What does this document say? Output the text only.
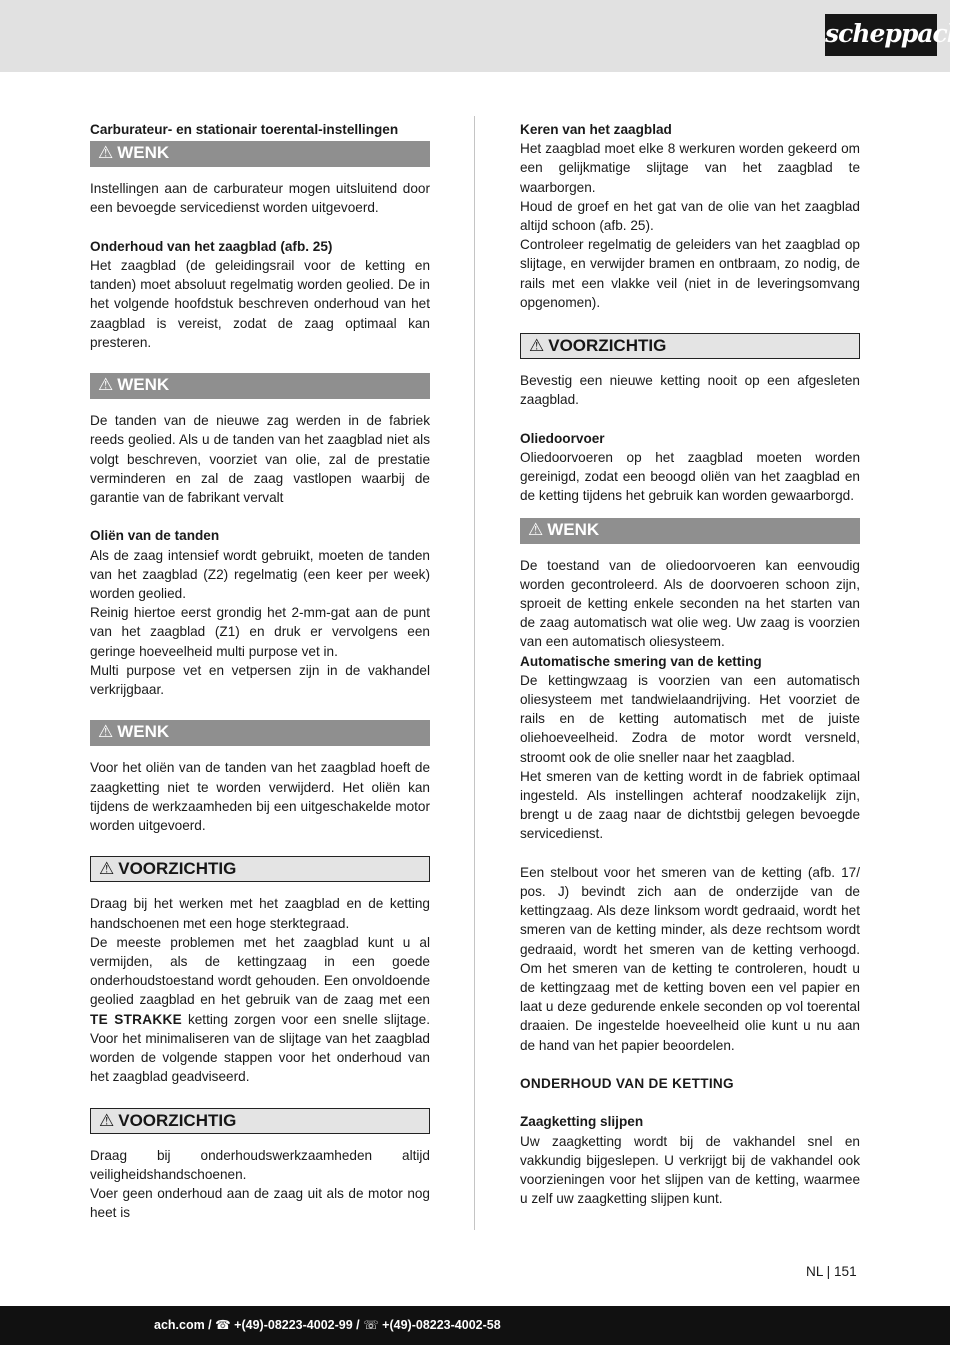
scheppach

Carburateur- en stationair toerental-instellingen

⚠ WENK

Instellingen aan de carburateur mogen uitsluitend door een bevoegde servicedienst worden uitgevoerd.

Onderhoud van het zaagblad (afb. 25)

Het zaagblad (de geleidingsrail voor de ketting en tanden) moet absoluut regelmatig worden geolied. De in het volgende hoofdstuk beschreven onderhoud van het zaagblad is vereist, zodat de zaag optimaal kan presteren.

⚠ WENK

De tanden van de nieuwe zag werden in de fabriek reeds geolied. Als u de tanden van het zaagblad niet als volgt beschreven, voorziet van olie, zal de prestatie verminderen en zal de zaag vastlopen waarbij de garantie van de fabrikant vervalt

Oliën van de tanden

Als de zaag intensief wordt gebruikt, moeten de tanden van het zaagblad (Z2) regelmatig (een keer per week) worden geolied.

Reinig hiertoe eerst grondig het 2-mm-gat aan de punt van het zaagblad (Z1) en druk er vervolgens een geringe hoeveelheid multi purpose vet in.

Multi purpose vet en vetpersen zijn in de vakhandel verkrijgbaar.

⚠ WENK

Voor het oliën van de tanden van het zaagblad hoeft de zaagketting niet te worden verwijderd. Het oliën kan tijdens de werkzaamheden bij een uitgeschakelde motor worden uitgevoerd.

⚠ VOORZICHTIG

Draag bij het werken met het zaagblad en de ketting handschoenen met een hoge sterktegraad.

De meeste problemen met het zaagblad kunt u al vermijden, als de kettingzaag in een goede onderhoudstoestand wordt gehouden. Een onvoldoende geolied zaagblad en het gebruik van de zaag met een TE STRAKKE ketting zorgen voor een snelle slijtage. Voor het minimaliseren van de slijtage van het zaagblad worden de volgende stappen voor het onderhoud van het zaagblad geadviseerd.

⚠ VOORZICHTIG

Draag bij onderhoudswerkzaamheden altijd veiligheidshandschoenen.

Voer geen onderhoud aan de zaag uit als de motor nog heet is

Keren van het zaagblad

Het zaagblad moet elke 8 werkuren worden gekeerd om een gelijkmatige slijtage van het zaagblad te waarborgen.

Houd de groef en het gat van de olie van het zaagblad altijd schoon (afb. 25).

Controleer regelmatig de geleiders van het zaagblad op slijtage, en verwijder bramen en ontbraam, zo nodig, de rails met een vlakke veil (niet in de leveringsomvang opgenomen).

⚠ VOORZICHTIG

Bevestig een nieuwe ketting nooit op een afgesleten zaagblad.

Oliedoorvoer

Oliedoorvoeren op het zaagblad moeten worden gereinigd, zodat een beoogd oliën van het zaagblad en de ketting tijdens het gebruik kan worden gewaarborgd.

⚠ WENK

De toestand van de oliedoorvoeren kan eenvoudig worden gecontroleerd. Als de doorvoeren schoon zijn, sproeit de ketting enkele seconden na het starten van de zaag automatisch wat olie weg. Uw zaag is voorzien van een automatisch oliesysteem.

Automatische smering van de ketting

De kettingwzaag is voorzien van een automatisch oliesysteem met tandwielaandrijving. Het voorziet de rails en de ketting automatisch met de juiste oliehoeveelheid. Zodra de motor wordt versneld, stroomt ook de olie sneller naar het zaagblad.

Het smeren van de ketting wordt in de fabriek optimaal ingesteld. Als instellingen achteraf noodzakelijk zijn, brengt u de zaag naar de dichtstbij gelegen bevoegde servicedienst.

Een stelbout voor het smeren van de ketting (afb. 17/ pos. J) bevindt zich aan de onderzijde van de kettingzaag. Als deze linksom wordt gedraaid, wordt het smeren van de ketting minder, als deze rechtsom wordt gedraaid, wordt het smeren van de ketting verhoogd. Om het smeren van de ketting te controleren, houdt u de kettingzaag met de ketting boven een vel papier en laat u deze gedurende enkele seconden op vol toerental draaien. De ingestelde hoeveelheid olie kunt u nu aan de hand van het papier beoordelen.

ONDERHOUD VAN DE KETTING

Zaagketting slijpen

Uw zaagketting wordt bij de vakhandel snel en vakkundig bijgeslepen. U verkrijgt bij de vakhandel ook voorzieningen voor het slijpen van de ketting, waarmee u zelf uw zaagketting slijpen kunt.

NL | 151
ach.com / ☎ +(49)-08223-4002-99 / ☏ +(49)-08223-4002-58
